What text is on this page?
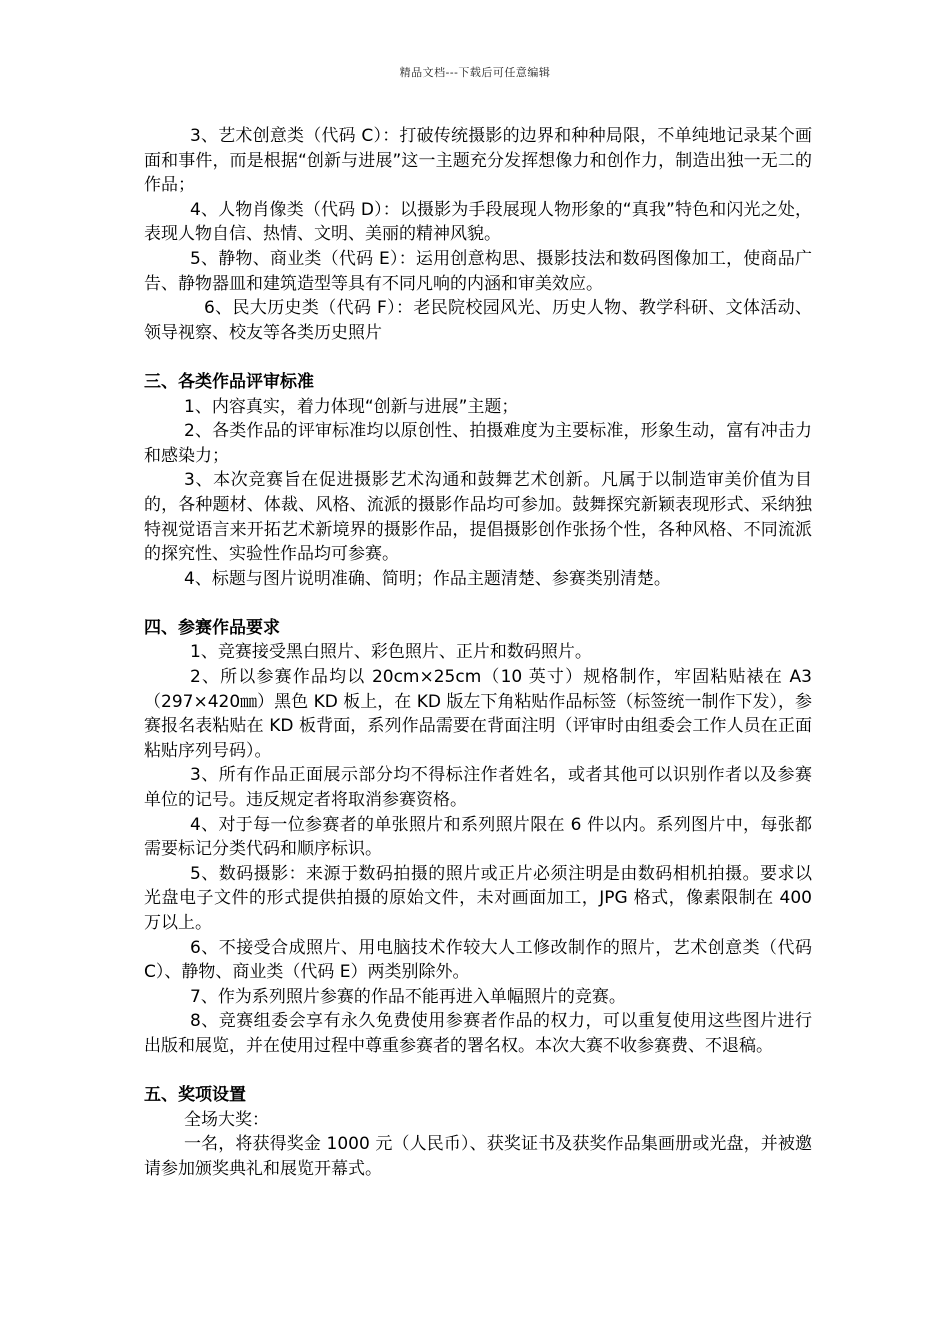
精品文档---下载后可任意编辑

3、艺术创意类（代码 C）：打破传统摄影的边界和种种局限，不单纯地记录某个画面和事件，而是根据“创新与进展”这一主题充分发挥想像力和创作力，制造出独一无二的作品；

4、人物肖像类（代码 D）：以摄影为手段展现人物形象的“真我”特色和闪光之处，表现人物自信、热情、文明、美丽的精神风貌。

5、静物、商业类（代码 E）：运用创意构思、摄影技法和数码图像加工，使商品广告、静物器皿和建筑造型等具有不同凡响的内涵和审美效应。

6、民大历史类（代码 F）：老民院校园风光、历史人物、教学科研、文体活动、领导视察、校友等各类历史照片

三、各类作品评审标准

1、内容真实，着力体现“创新与进展”主题；

2、各类作品的评审标准均以原创性、拍摄难度为主要标准，形象生动，富有冲击力和感染力；

3、本次竞赛旨在促进摄影艺术沟通和鼓舞艺术创新。凡属于以制造审美价值为目的，各种题材、体裁、风格、流派的摄影作品均可参加。鼓舞探究新颖表现形式、采纳独特视觉语言来开拓艺术新境界的摄影作品，提倡摄影创作张扬个性，各种风格、不同流派的探究性、实验性作品均可参赛。

4、标题与图片说明准确、简明；作品主题清楚、参赛类别清楚。

四、参赛作品要求

1、竞赛接受黑白照片、彩色照片、正片和数码照片。

2、所以参赛作品均以 20cm×25cm（10 英寸）规格制作，牢固粘贴裱在 A3（297×420㎜）黑色 KD 板上，在 KD 版左下角粘贴作品标签（标签统一制作下发），参赛报名表粘贴在 KD 板背面，系列作品需要在背面注明（评审时由组委会工作人员在正面粘贴序列号码）。

3、所有作品正面展示部分均不得标注作者姓名，或者其他可以识别作者以及参赛单位的记号。违反规定者将取消参赛资格。

4、对于每一位参赛者的单张照片和系列照片限在 6 件以内。系列图片中，每张都需要标记分类代码和顺序标识。

5、数码摄影：来源于数码拍摄的照片或正片必须注明是由数码相机拍摄。要求以光盘电子文件的形式提供拍摄的原始文件，未对画面加工，JPG 格式，像素限制在 400 万以上。

6、不接受合成照片、用电脑技术作较大人工修改制作的照片，艺术创意类（代码 C）、静物、商业类（代码 E）两类别除外。

7、作为系列照片参赛的作品不能再进入单幅照片的竞赛。

8、竞赛组委会享有永久免费使用参赛者作品的权力，可以重复使用这些图片进行出版和展览，并在使用过程中尊重参赛者的署名权。本次大赛不收参赛费、不退稿。

五、奖项设置

全场大奖：

一名，将获得奖金 1000 元（人民币）、获奖证书及获奖作品集画册或光盘，并被邀请参加颁奖典礼和展览开幕式。
